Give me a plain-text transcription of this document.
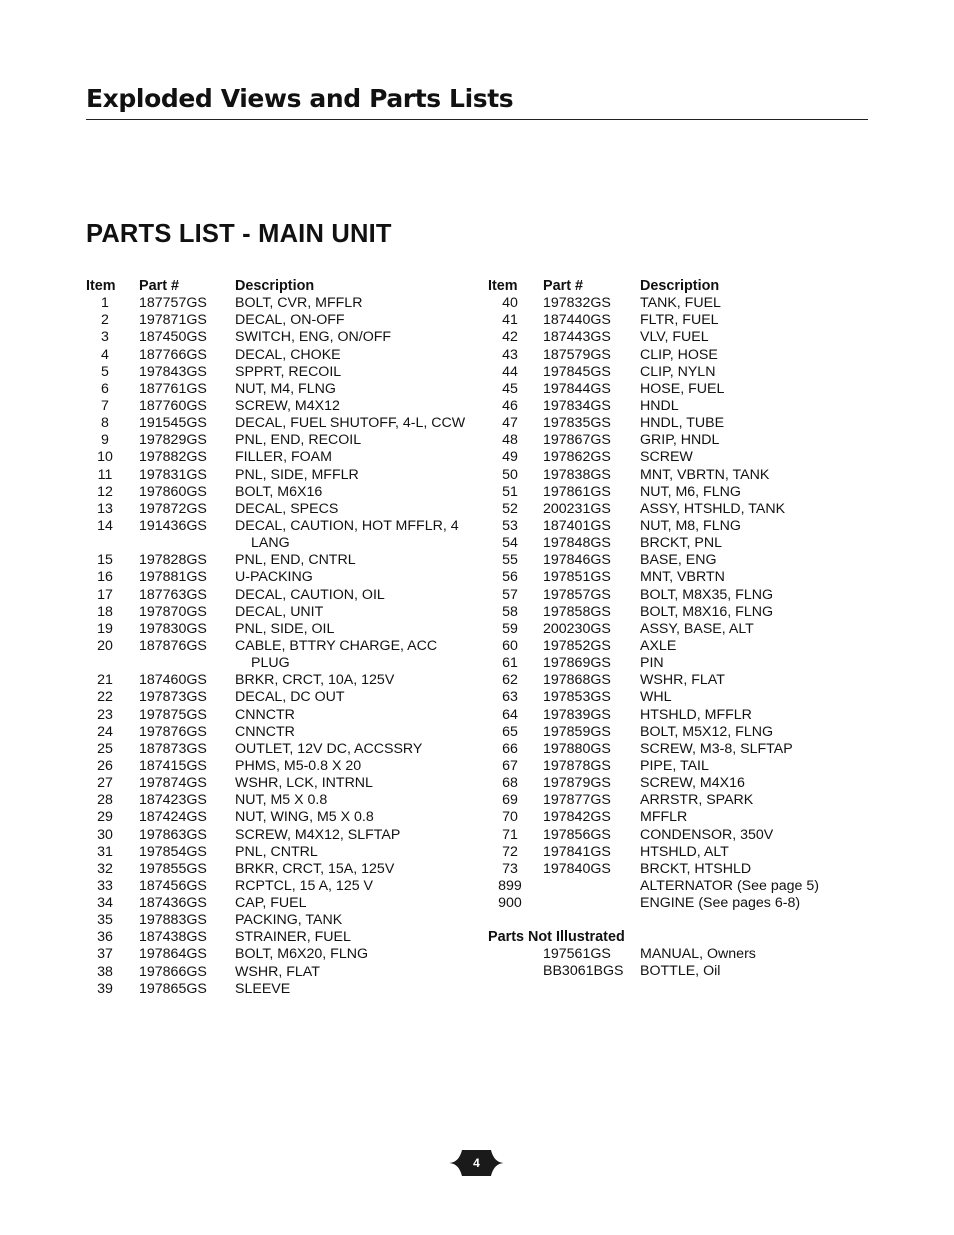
Exploded Views and Parts Lists
PARTS LIST - MAIN UNIT
Item Part #	Description
1	187757GS BOLT, CVR, MFFLR
2	197871GS DECAL, ON-OFF
3	187450GS SWITCH, ENG, ON/OFF
4	187766GS DECAL, CHOKE
5	197843GS SPPRT, RECOIL
6	187761GS NUT, M4, FLNG
7	187760GS SCREW, M4X12
8	191545GS DECAL, FUEL SHUTOFF, 4-L, CCW
9	197829GS PNL, END, RECOIL
10	197882GS FILLER, FOAM
11	197831GS PNL, SIDE, MFFLR
12	197860GS BOLT, M6X16
13	197872GS DECAL, SPECS
14	191436GS DECAL, CAUTION, HOT MFFLR, 4
LANG
15	197828GS PNL, END, CNTRL
16	197881GS U-PACKING
17	187763GS DECAL, CAUTION, OIL
18	197870GS DECAL, UNIT
19	197830GS PNL, SIDE, OIL
20	187876GS CABLE, BTTRY CHARGE, ACC
PLUG
21	187460GS BRKR, CRCT, 10A, 125V
22	197873GS DECAL, DC OUT
23	197875GS CNNCTR
24	197876GS CNNCTR
25	187873GS OUTLET, 12V DC, ACCSSRY
26	187415GS PHMS, M5-0.8 X 20
27	197874GS WSHR, LCK, INTRNL
28	187423GS NUT, M5 X 0.8
29	187424GS NUT, WING, M5 X 0.8
30	197863GS SCREW, M4X12, SLFTAP
31	197854GS PNL, CNTRL
32	197855GS BRKR, CRCT, 15A, 125V
33	187456GS RCPTCL, 15 A, 125 V
34	187436GS CAP, FUEL
35	197883GS PACKING, TANK
36	187438GS STRAINER, FUEL
37	197864GS BOLT, M6X20, FLNG
38	197866GS WSHR, FLAT
39	197865GS SLEEVE
Item Part #	Description
40	197832GS TANK, FUEL
41	187440GS FLTR, FUEL
42	187443GS VLV, FUEL
43	187579GS CLIP, HOSE
44	197845GS CLIP, NYLN
45	197844GS HOSE, FUEL
46	197834GS HNDL
47	197835GS HNDL, TUBE
48	197867GS GRIP, HNDL
49	197862GS SCREW
50	197838GS MNT, VBRTN, TANK
51	197861GS NUT, M6, FLNG
52	200231GS ASSY, HTSHLD, TANK
53	187401GS NUT, M8, FLNG
54	197848GS BRCKT, PNL
55	197846GS BASE, ENG
56	197851GS MNT, VBRTN
57	197857GS BOLT, M8X35, FLNG
58	197858GS BOLT, M8X16, FLNG
59	200230GS ASSY, BASE, ALT
60	197852GS AXLE
61	197869GS PIN
62	197868GS WSHR, FLAT
63	197853GS WHL
64	197839GS HTSHLD, MFFLR
65	197859GS BOLT, M5X12, FLNG
66	197880GS SCREW, M3-8, SLFTAP
67	197878GS PIPE, TAIL
68	197879GS SCREW, M4X16
69	197877GS ARRSTR, SPARK
70	197842GS MFFLR
71	197856GS CONDENSOR, 350V
72	197841GS HTSHLD, ALT
73	197840GS BRCKT, HTSHLD
899	ALTERNATOR (See page 5)
900	ENGINE (See pages 6-8)
Parts Not Illustrated
197561GS MANUAL, Owners
BB3061BGS BOTTLE, Oil
4
